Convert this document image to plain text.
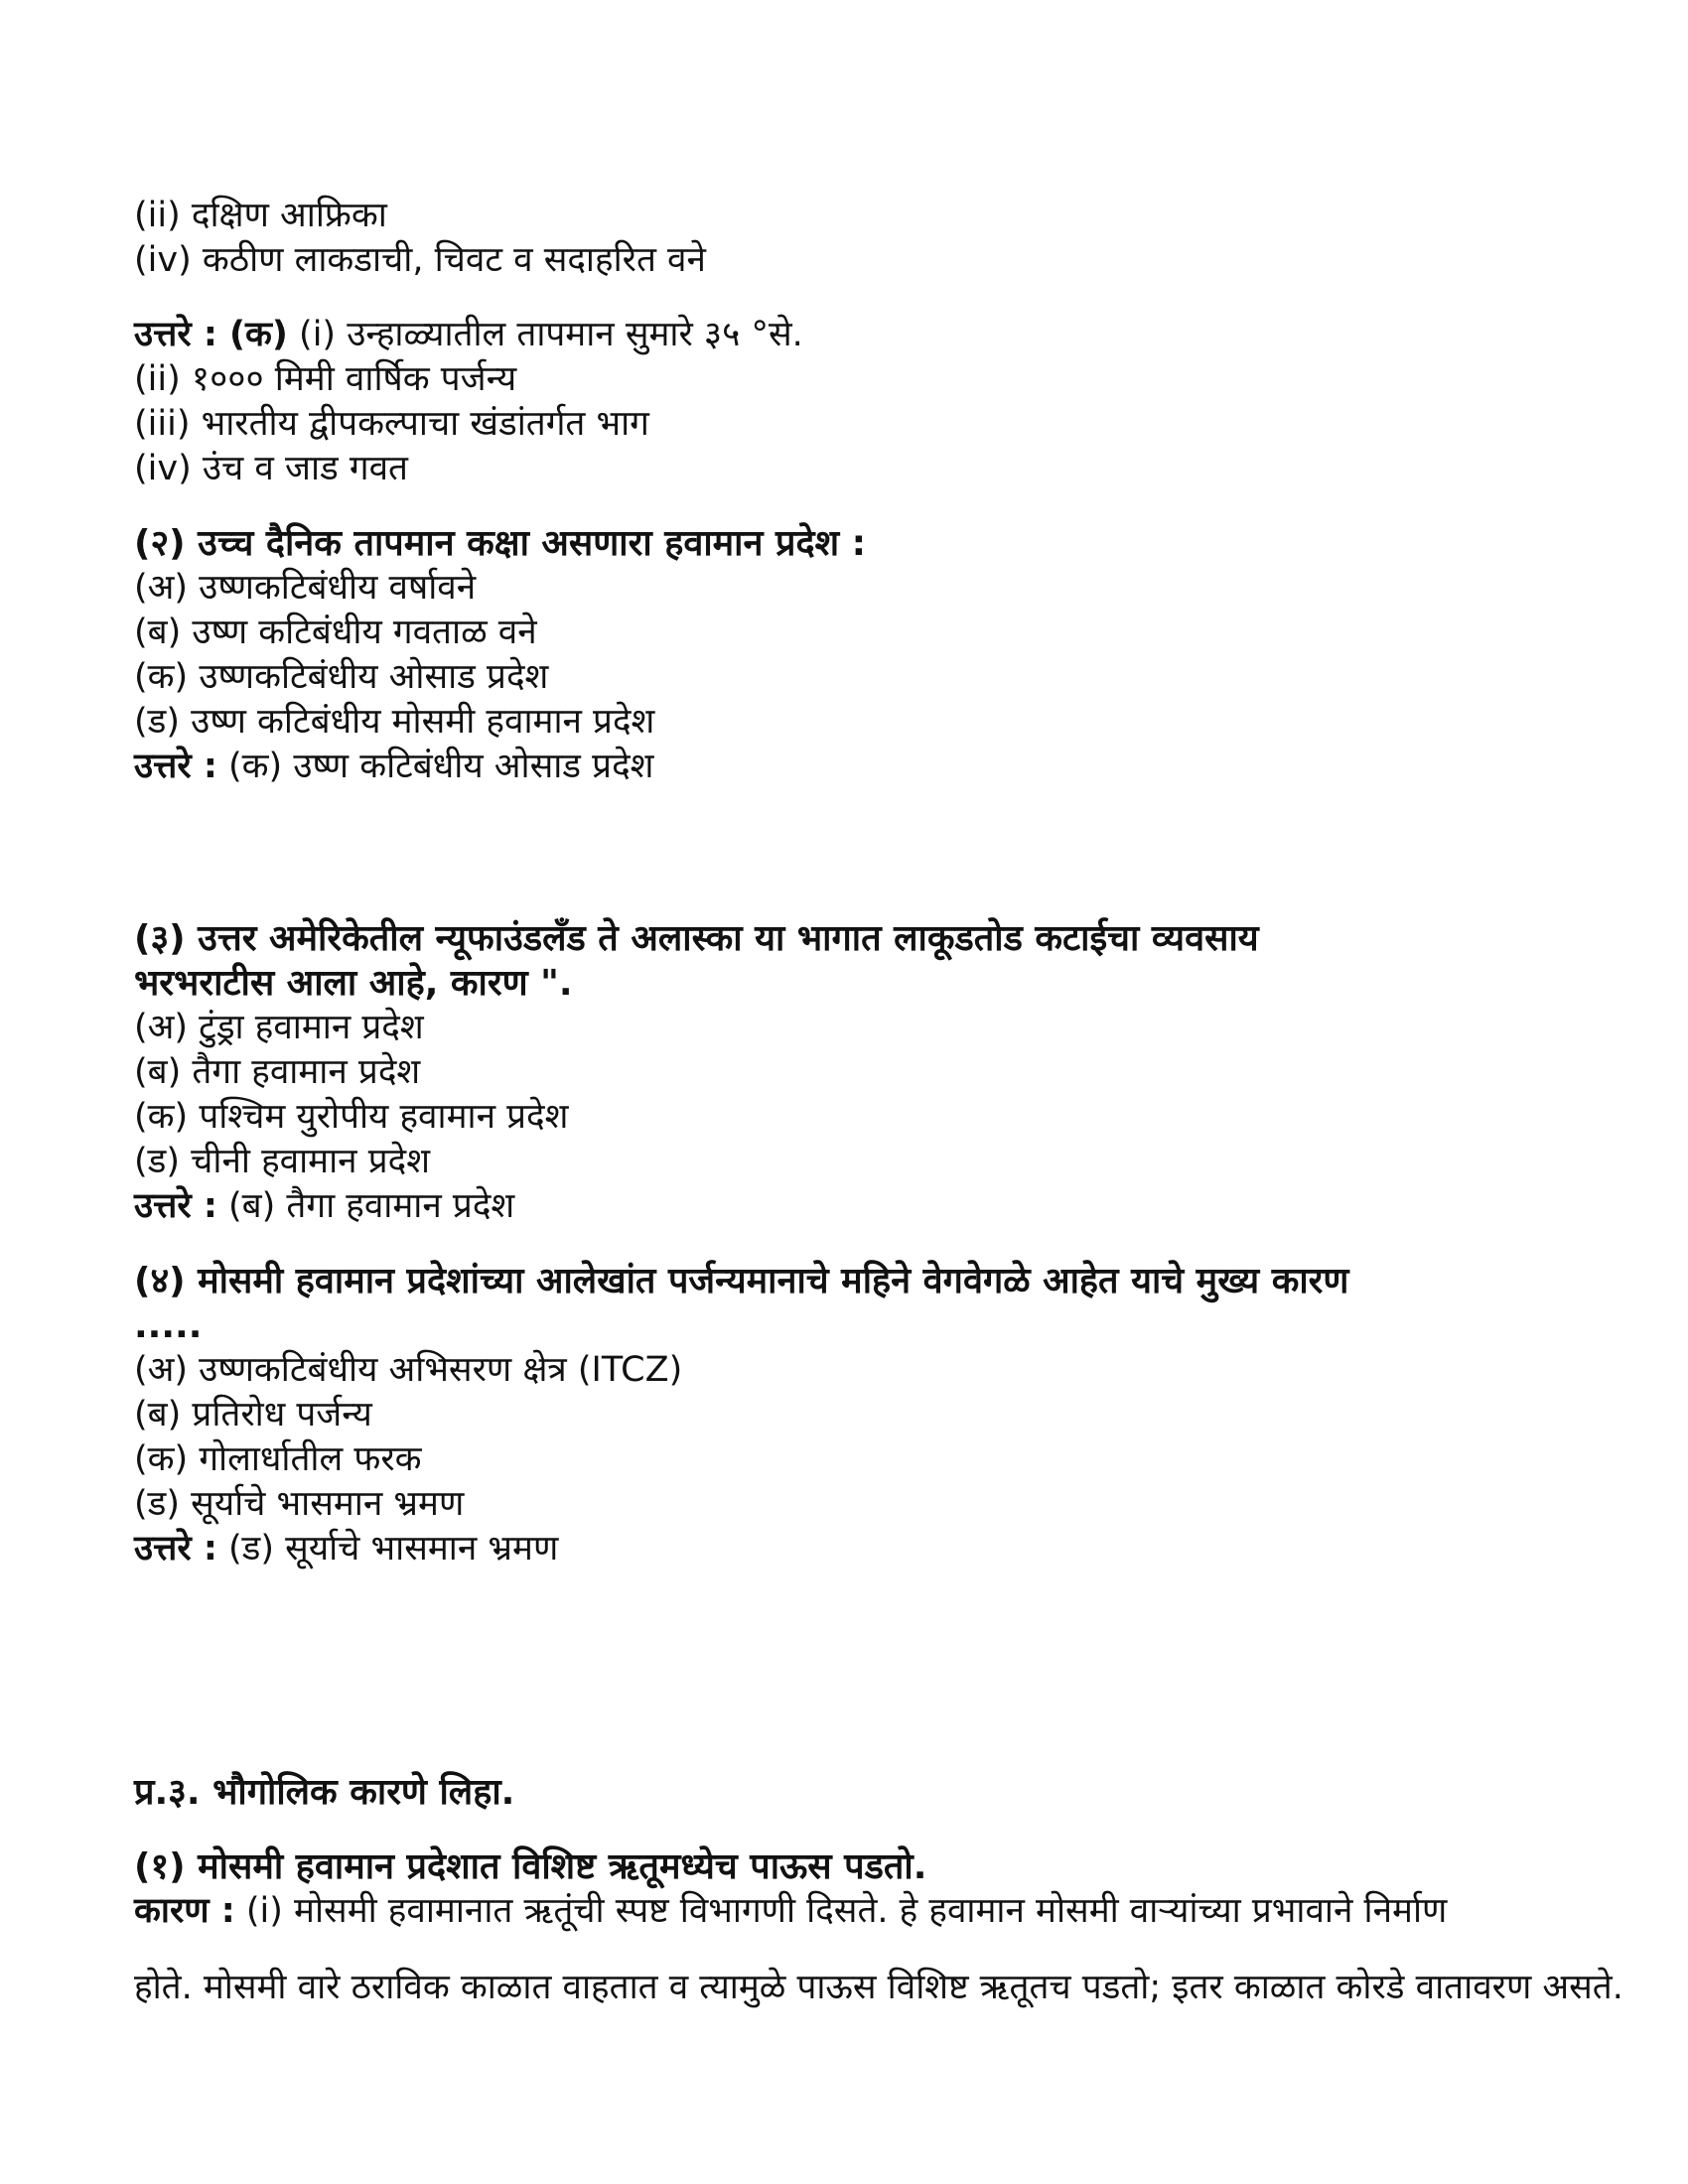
(ii) दक्षिण आफ्रिका
(iv) कठीण लाकडाची, चिवट व सदाहरित वने
उत्तरे : (क) (i) उन्हाळ्यातील तापमान सुमारे ३५ °से.
(ii) १००० मिमी वार्षिक पर्जन्य
(iii) भारतीय द्वीपकल्पाचा खंडांतर्गत भाग
(iv) उंच व जाड गवत
(२) उच्च दैनिक तापमान कक्षा असणारा हवामान प्रदेश :
(अ) उष्णकटिबंधीय वर्षावने
(ब) उष्ण कटिबंधीय गवताळ वने
(क) उष्णकटिबंधीय ओसाड प्रदेश
(ड) उष्ण कटिबंधीय मोसमी हवामान प्रदेश
उत्तरे : (क) उष्ण कटिबंधीय ओसाड प्रदेश
(३) उत्तर अमेरिकेतील न्यूफाउंडलँड ते अलास्का या भागात लाकूडतोड कटाईचा व्यवसाय
भरभराटीस आला आहे, कारण ".
(अ) टुंड्रा हवामान प्रदेश
(ब) तैगा हवामान प्रदेश
(क) पश्चिम युरोपीय हवामान प्रदेश
(ड) चीनी हवामान प्रदेश
उत्तरे : (ब) तैगा हवामान प्रदेश
(४) मोसमी हवामान प्रदेशांच्या आलेखांत पर्जन्यमानाचे महिने वेगवेगळे आहेत याचे मुख्य कारण
.....
(अ) उष्णकटिबंधीय अभिसरण क्षेत्र (ITCZ)
(ब) प्रतिरोध पर्जन्य
(क) गोलार्धातील फरक
(ड) सूर्याचे भासमान भ्रमण
उत्तरे : (ड) सूर्याचे भासमान भ्रमण
प्र.३. भौगोलिक कारणे लिहा.
(१) मोसमी हवामान प्रदेशात विशिष्ट ऋतूमध्येच पाऊस पडतो.
कारण : (i) मोसमी हवामानात ऋतूंची स्पष्ट विभागणी दिसते. हे हवामान मोसमी वाऱ्यांच्या प्रभावाने निर्माण
होते. मोसमी वारे ठराविक काळात वाहतात व त्यामुळे पाऊस विशिष्ट ऋतूतच पडतो; इतर काळात कोरडे वातावरण असते.
